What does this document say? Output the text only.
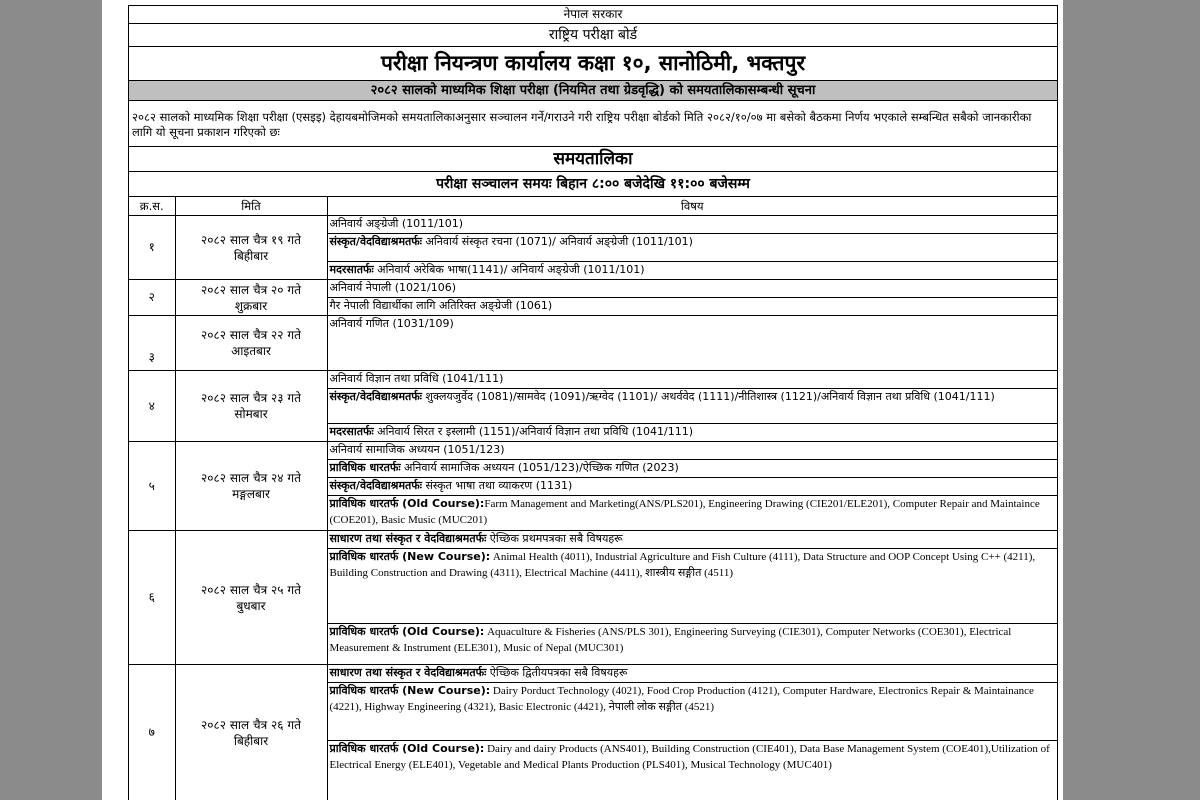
नेपाल सरकार
राष्ट्रिय परीक्षा बोर्ड
परीक्षा नियन्त्रण कार्यालय कक्षा १०, सानोठिमी, भक्तपुर
२०८२ सालको माध्यमिक शिक्षा परीक्षा (नियमित तथा ग्रेडवृद्धि) को समयतालिकासम्बन्धी सूचना
२०८२ सालको माध्यमिक शिक्षा परीक्षा (एसइइ) देहायबमोजिमको समयतालिकाअनुसार सञ्चालन गर्ने/गराउने गरी राष्ट्रिय परीक्षा बोर्डको मिति २०८२/१०/०७ मा बसेको बैठकमा निर्णय भएकाले सम्बन्धित सबैको जानकारीका लागि यो सूचना प्रकाशन गरिएको छः
समयतालिका
परीक्षा सञ्चालन समयः बिहान ८:०० बजेदेखि ११:०० बजेसम्म
क्र.स.	मिति	विषय
१	२०८२ साल चैत्र १९ गते
बिहीबार	अनिवार्य अङ्ग्रेजी (1011/101)
		संस्कृत/वेदविद्याश्रमतर्फः अनिवार्य संस्कृत रचना (1071)/ अनिवार्य अङ्ग्रेजी (1011/101)
		मदरसातर्फः अनिवार्य अरेबिक भाषा(1141)/ अनिवार्य अङ्ग्रेजी (1011/101)
२	२०८२ साल चैत्र २० गते
शुक्रबार	अनिवार्य नेपाली (1021/106)
		गैर नेपाली विद्यार्थीका लागि अतिरिक्त अङ्ग्रेजी (1061)
३	२०८२ साल चैत्र २२ गते
आइतबार	अनिवार्य गणित (1031/109)
४	२०८२ साल चैत्र २३ गते
सोमबार	अनिवार्य विज्ञान तथा प्रविधि (1041/111)
		संस्कृत/वेदविद्याश्रमतर्फः शुक्लयजुर्वेद (1081)/सामवेद (1091)/ऋग्वेद (1101)/ अथर्ववेद (1111)/नीतिशास्त्र (1121)/अनिवार्य विज्ञान तथा प्रविधि (1041/111)
		मदरसातर्फः अनिवार्य सिरत र इस्लामी (1151)/अनिवार्य विज्ञान तथा प्रविधि (1041/111)
५	२०८२ साल चैत्र २४ गते
मङ्गलबार	अनिवार्य सामाजिक अध्ययन (1051/123)
		प्राविधिक धारतर्फः अनिवार्य सामाजिक अध्ययन (1051/123)/ऐच्छिक गणित (2023)
		संस्कृत/वेदविद्याश्रमतर्फः संस्कृत भाषा तथा व्याकरण (1131)
		प्राविधिक धारतर्फ (Old Course):Farm Management and Marketing(ANS/PLS201), Engineering Drawing (CIE201/ELE201), Computer Repair and Maintaince (COE201), Basic Music (MUC201)
६	२०८२ साल चैत्र २५ गते
बुधबार	साधारण तथा संस्कृत र वेदविद्याश्रमतर्फः ऐच्छिक प्रथमपत्रका सबै विषयहरू
		प्राविधिक धारतर्फ (New Course): Animal Health (4011), Industrial Agriculture and Fish Culture (4111), Data Structure and OOP Concept Using C++ (4211), Building Construction and Drawing (4311), Electrical Machine (4411), शास्त्रीय सङ्गीत (4511)
		प्राविधिक धारतर्फ (Old Course): Aquaculture & Fisheries (ANS/PLS 301), Engineering Surveying (CIE301), Computer Networks (COE301), Electrical Measurement & Instrument (ELE301), Music of Nepal (MUC301)
७	२०८२ साल चैत्र २६ गते
बिहीबार	साधारण तथा संस्कृत र वेदविद्याश्रमतर्फः ऐच्छिक द्वितीयपत्रका सबै विषयहरू
		प्राविधिक धारतर्फ (New Course): Dairy Porduct Technology (4021), Food Crop Production (4121), Computer Hardware, Electronics Repair & Maintainance (4221), Highway Engineering (4321), Basic Electronic (4421), नेपाली लोक सङ्गीत (4521)
		प्राविधिक धारतर्फ (Old Course): Dairy and dairy Products (ANS401), Building Construction (CIE401), Data Base Management System (COE401),Utilization of Electrical Energy (ELE401), Vegetable and Medical Plants Production (PLS401), Musical Technology (MUC401)
